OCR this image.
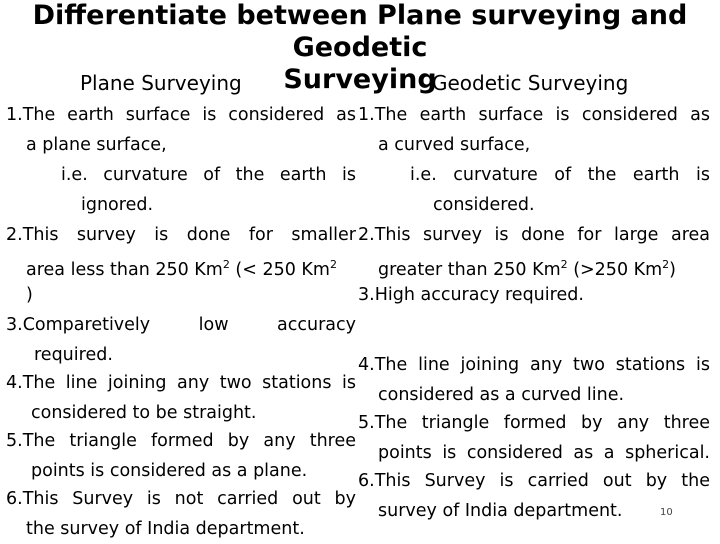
Differentiate between Plane surveying and Geodetic
Surveying
Plane Surveying	Geodetic Surveying
1.The earth surface is considered as
a plane surface,
i.e. curvature of the earth is
ignored.
2.This survey is done for smaller
area less than 250 Km$^2$ (< 250 Km$^2$
)
3.Comparetively low accuracy
required.
4.The line joining any two stations is
considered to be straight.
5.The triangle formed by any three
points is considered as a plane.
6.This Survey is not carried out by
the survey of India department.
1.The earth surface is considered as
a curved surface,
i.e. curvature of the earth is
considered.
2.This survey is done for large area
greater than 250 Km$^2$ (>250 Km$^2$)
3.High accuracy required.
4.The line joining any two stations is
considered as a curved line.
5.The triangle formed by any three
points is considered as a spherical.
6.This Survey is carried out by the
survey of India department.	10
